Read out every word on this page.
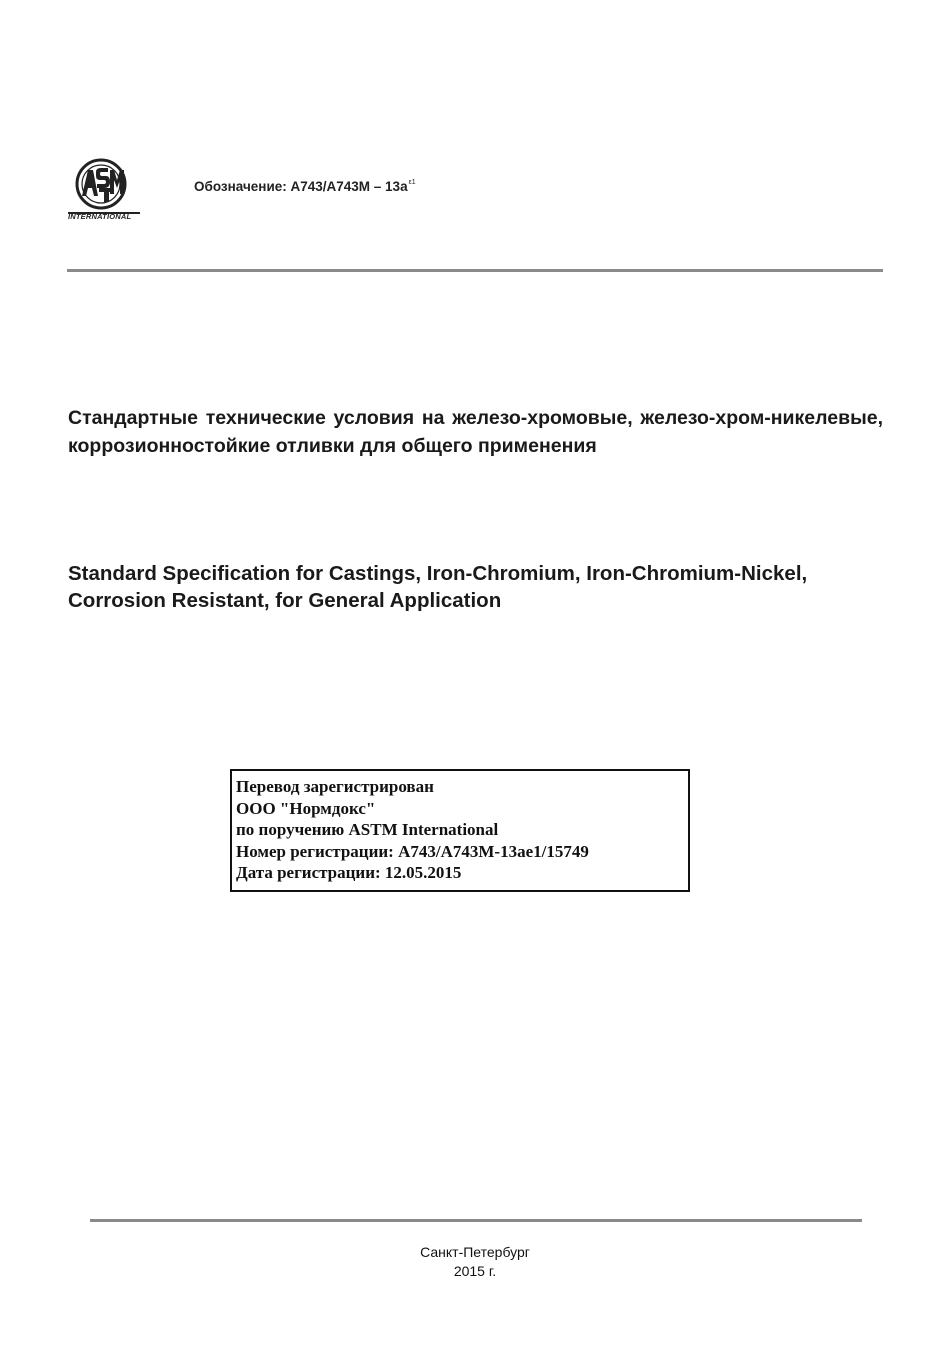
INTERNATIONAL
Обозначение: $A743/A743M - 13a^{\varepsilon 1}$
Стандартные технические условия на железо-хромовые, железо-хром-никелевые, коррозионностойкие отливки для общего применения
Standard Specification for Castings, Iron-Chromium, Iron-Chromium-Nickel, Corrosion Resistant, for General Application
Перевод зарегистрирован
ООО "Нормдокс"
по поручению ASTM International
Номер регистрации: A743/A743M-13ae1/15749
Дата регистрации: 12.05.2015
Санкт-Петербург
2015 г.
